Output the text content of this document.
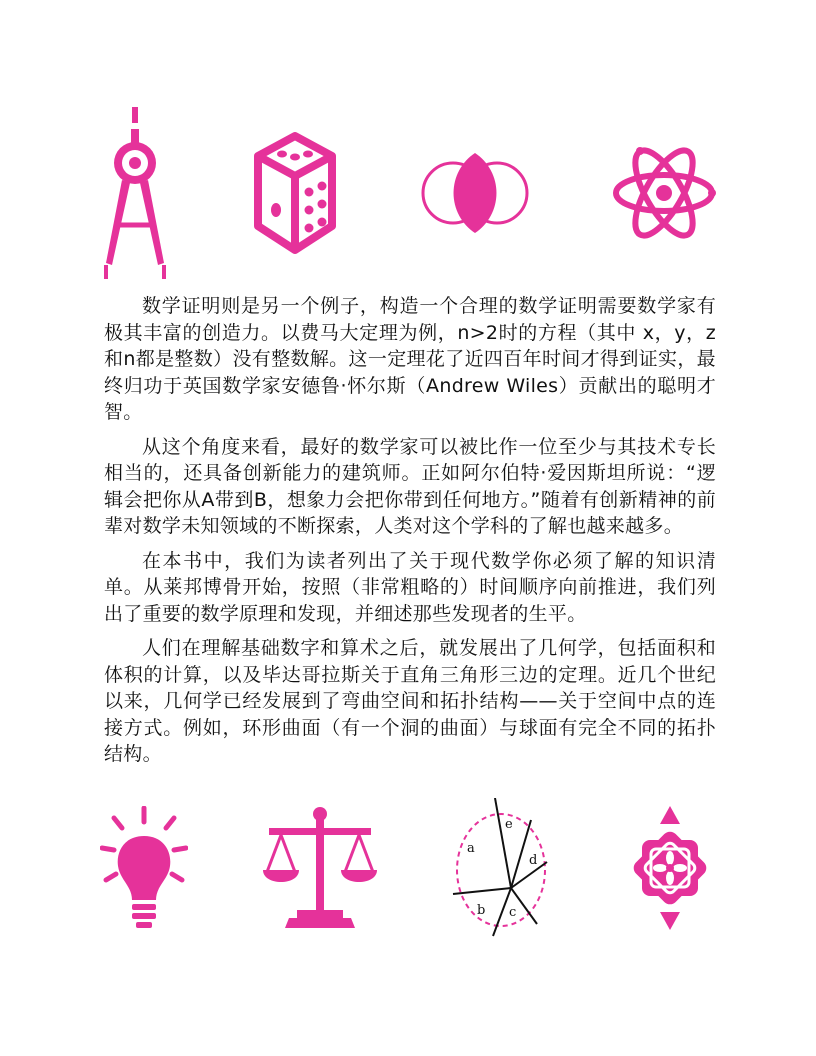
数学证明则是另一个例子，构造一个合理的数学证明需要数学家有极其丰富的创造力。以费马大定理为例，n>2时的方程（其中 x，y，z和n都是整数）没有整数解。这一定理花了近四百年时间才得到证实，最终归功于英国数学家安德鲁·怀尔斯（Andrew Wiles）贡献出的聪明才智。

从这个角度来看，最好的数学家可以被比作一位至少与其技术专长相当的，还具备创新能力的建筑师。正如阿尔伯特·爱因斯坦所说：“逻辑会把你从A带到B，想象力会把你带到任何地方。”随着有创新精神的前辈对数学未知领域的不断探索，人类对这个学科的了解也越来越多。

在本书中，我们为读者列出了关于现代数学你必须了解的知识清单。从莱邦博骨开始，按照（非常粗略的）时间顺序向前推进，我们列出了重要的数学原理和发现，并细述那些发现者的生平。

人们在理解基础数字和算术之后，就发展出了几何学，包括面积和体积的计算，以及毕达哥拉斯关于直角三角形三边的定理。近几个世纪以来，几何学已经发展到了弯曲空间和拓扑结构——关于空间中点的连接方式。例如，环形曲面（有一个洞的曲面）与球面有完全不同的拓扑结构。

a
b c
d
e
